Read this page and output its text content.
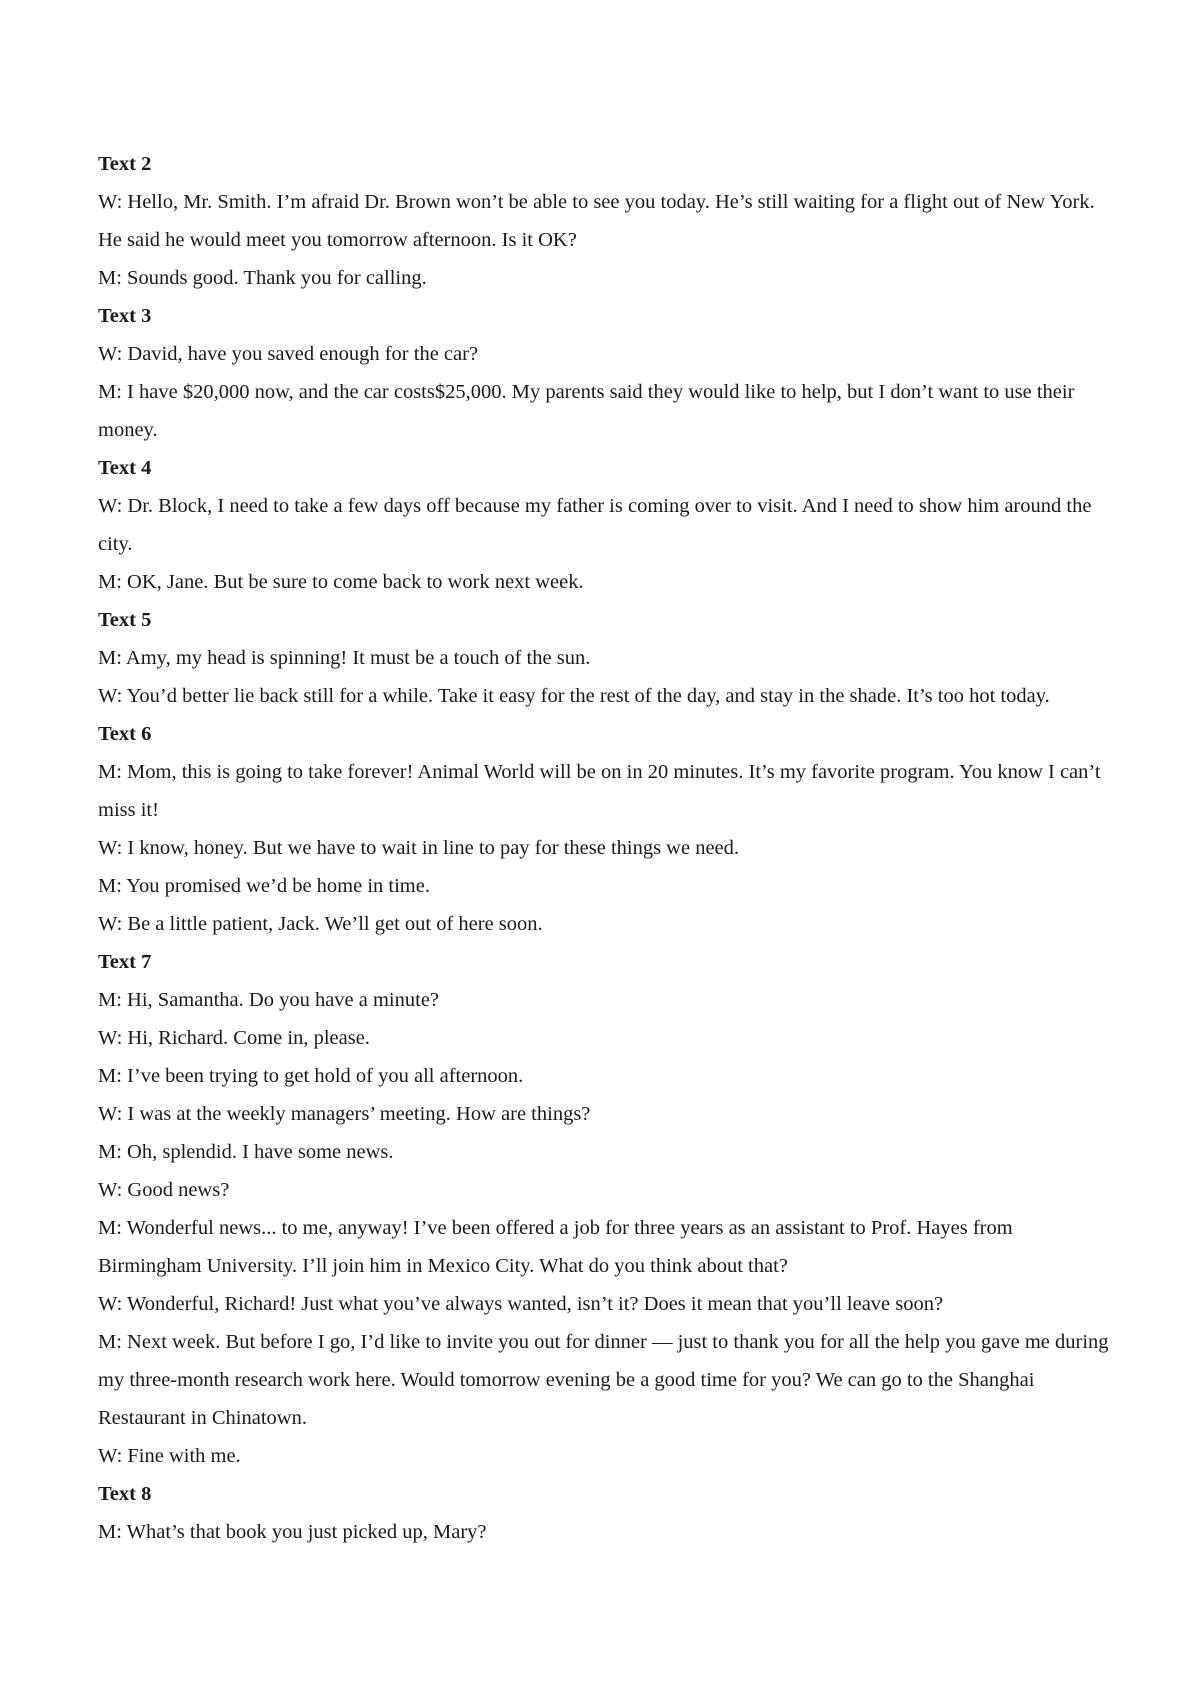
Text 2

W: Hello, Mr. Smith. I’m afraid Dr. Brown won’t be able to see you today. He’s still waiting for a flight out of New York. He said he would meet you tomorrow afternoon. Is it OK?

M: Sounds good. Thank you for calling.

Text 3

W: David, have you saved enough for the car?

M: I have $20,000 now, and the car costs$25,000. My parents said they would like to help, but I don’t want to use their money.

Text 4

W: Dr. Block, I need to take a few days off because my father is coming over to visit. And I need to show him around the city.

M: OK, Jane. But be sure to come back to work next week.

Text 5

M: Amy, my head is spinning! It must be a touch of the sun.

W: You’d better lie back still for a while. Take it easy for the rest of the day, and stay in the shade. It’s too hot today.

Text 6

M: Mom, this is going to take forever! Animal World will be on in 20 minutes. It’s my favorite program. You know I can’t miss it!

W: I know, honey. But we have to wait in line to pay for these things we need.

M: You promised we’d be home in time.

W: Be a little patient, Jack. We’ll get out of here soon.

Text 7

M: Hi, Samantha. Do you have a minute?

W: Hi, Richard. Come in, please.

M: I’ve been trying to get hold of you all afternoon.

W: I was at the weekly managers’ meeting. How are things?

M: Oh, splendid. I have some news.

W: Good news?

M: Wonderful news... to me, anyway! I’ve been offered a job for three years as an assistant to Prof. Hayes from Birmingham University. I’ll join him in Mexico City. What do you think about that?

W: Wonderful, Richard! Just what you’ve always wanted, isn’t it? Does it mean that you’ll leave soon?

M: Next week. But before I go, I’d like to invite you out for dinner — just to thank you for all the help you gave me during my three-month research work here. Would tomorrow evening be a good time for you? We can go to the Shanghai Restaurant in Chinatown.

W: Fine with me.

Text 8

M: What’s that book you just picked up, Mary?
